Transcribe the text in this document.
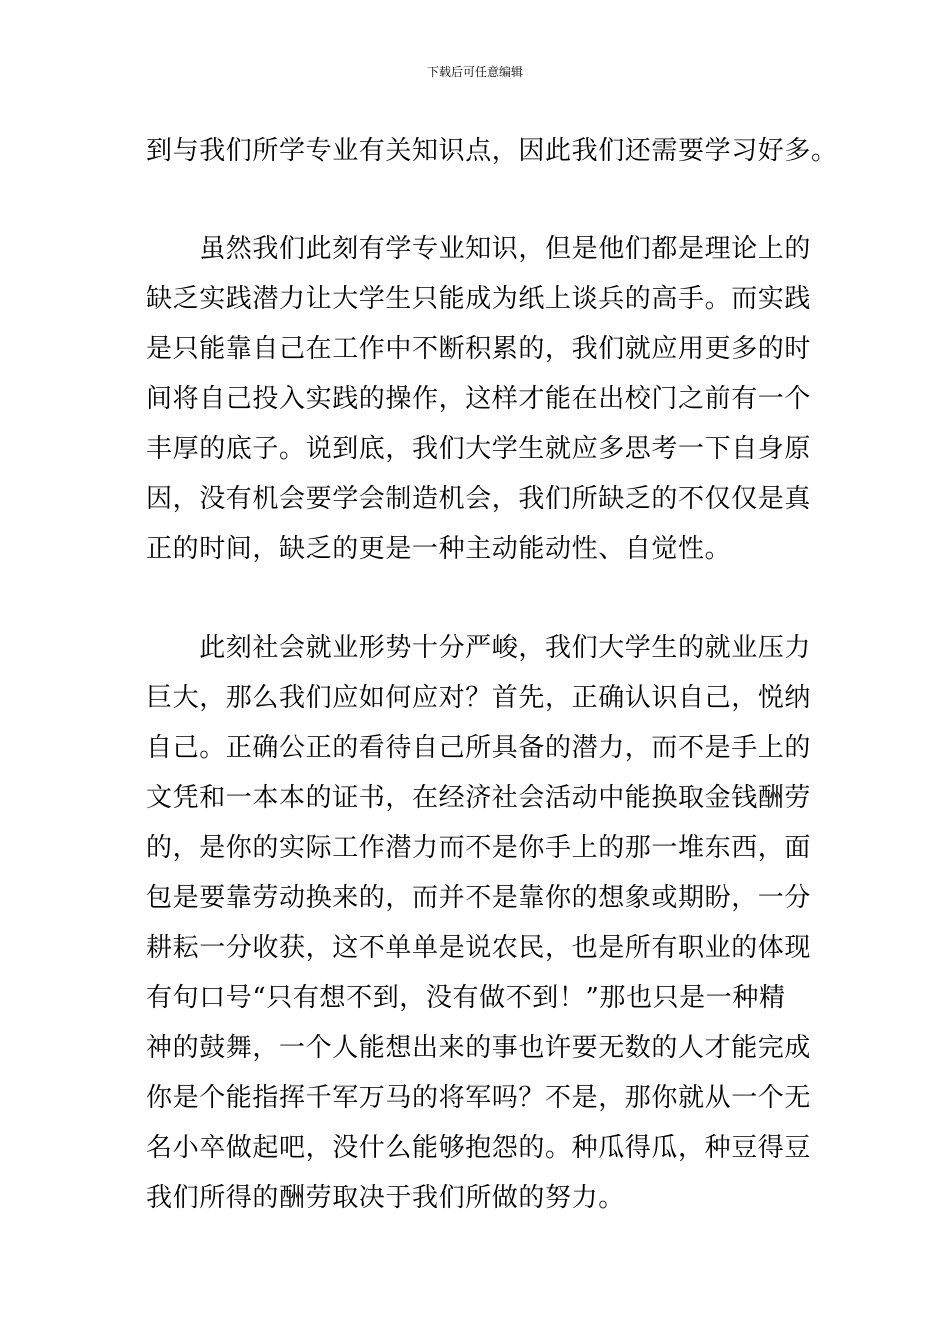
下载后可任意编辑
到与我们所学专业有关知识点，因此我们还需要学习好多。
　　虽然我们此刻有学专业知识，但是他们都是理论上的
缺乏实践潜力让大学生只能成为纸上谈兵的高手。而实践
是只能靠自己在工作中不断积累的，我们就应用更多的时
间将自己投入实践的操作，这样才能在出校门之前有一个
丰厚的底子。说到底，我们大学生就应多思考一下自身原
因，没有机会要学会制造机会，我们所缺乏的不仅仅是真
正的时间，缺乏的更是一种主动能动性、自觉性。
　　此刻社会就业形势十分严峻，我们大学生的就业压力
巨大，那么我们应如何应对？首先，正确认识自己，悦纳
自己。正确公正的看待自己所具备的潜力，而不是手上的
文凭和一本本的证书，在经济社会活动中能换取金钱酬劳
的，是你的实际工作潜力而不是你手上的那一堆东西，面
包是要靠劳动换来的，而并不是靠你的想象或期盼，一分
耕耘一分收获，这不单单是说农民，也是所有职业的体现
有句口号“只有想不到，没有做不到！”那也只是一种精
神的鼓舞，一个人能想出来的事也许要无数的人才能完成
你是个能指挥千军万马的将军吗？不是，那你就从一个无
名小卒做起吧，没什么能够抱怨的。种瓜得瓜，种豆得豆
我们所得的酬劳取决于我们所做的努力。
